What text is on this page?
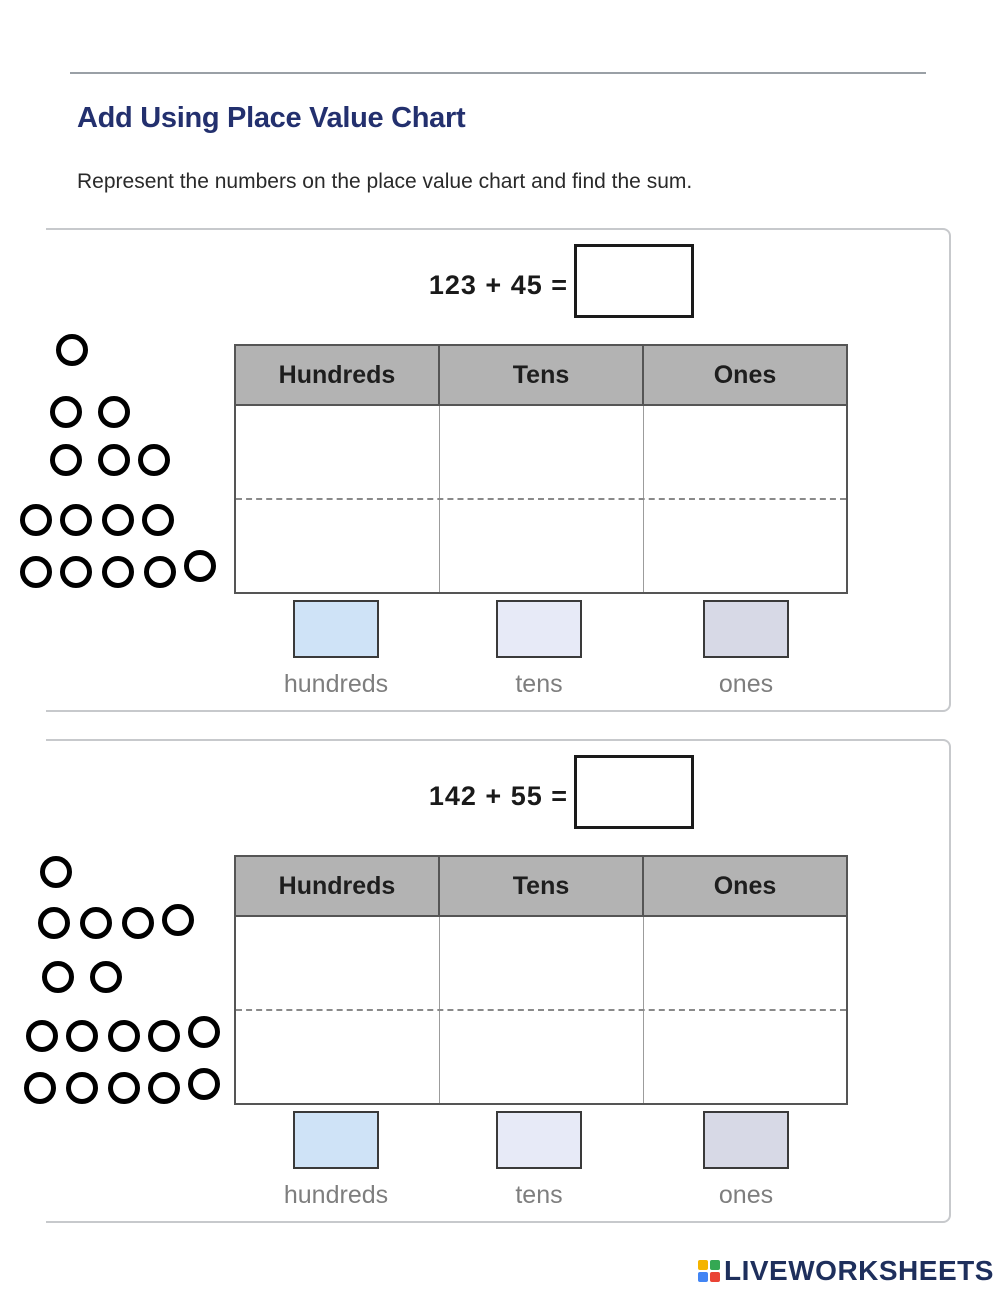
Add Using Place Value Chart
Represent the numbers on the place value chart and find the sum.
123 + 45 =
Hundreds	Tens	Ones
hundreds	tens	ones
142 + 55 =
Hundreds	Tens	Ones
hundreds	tens	ones
LIVEWORKSHEETS
